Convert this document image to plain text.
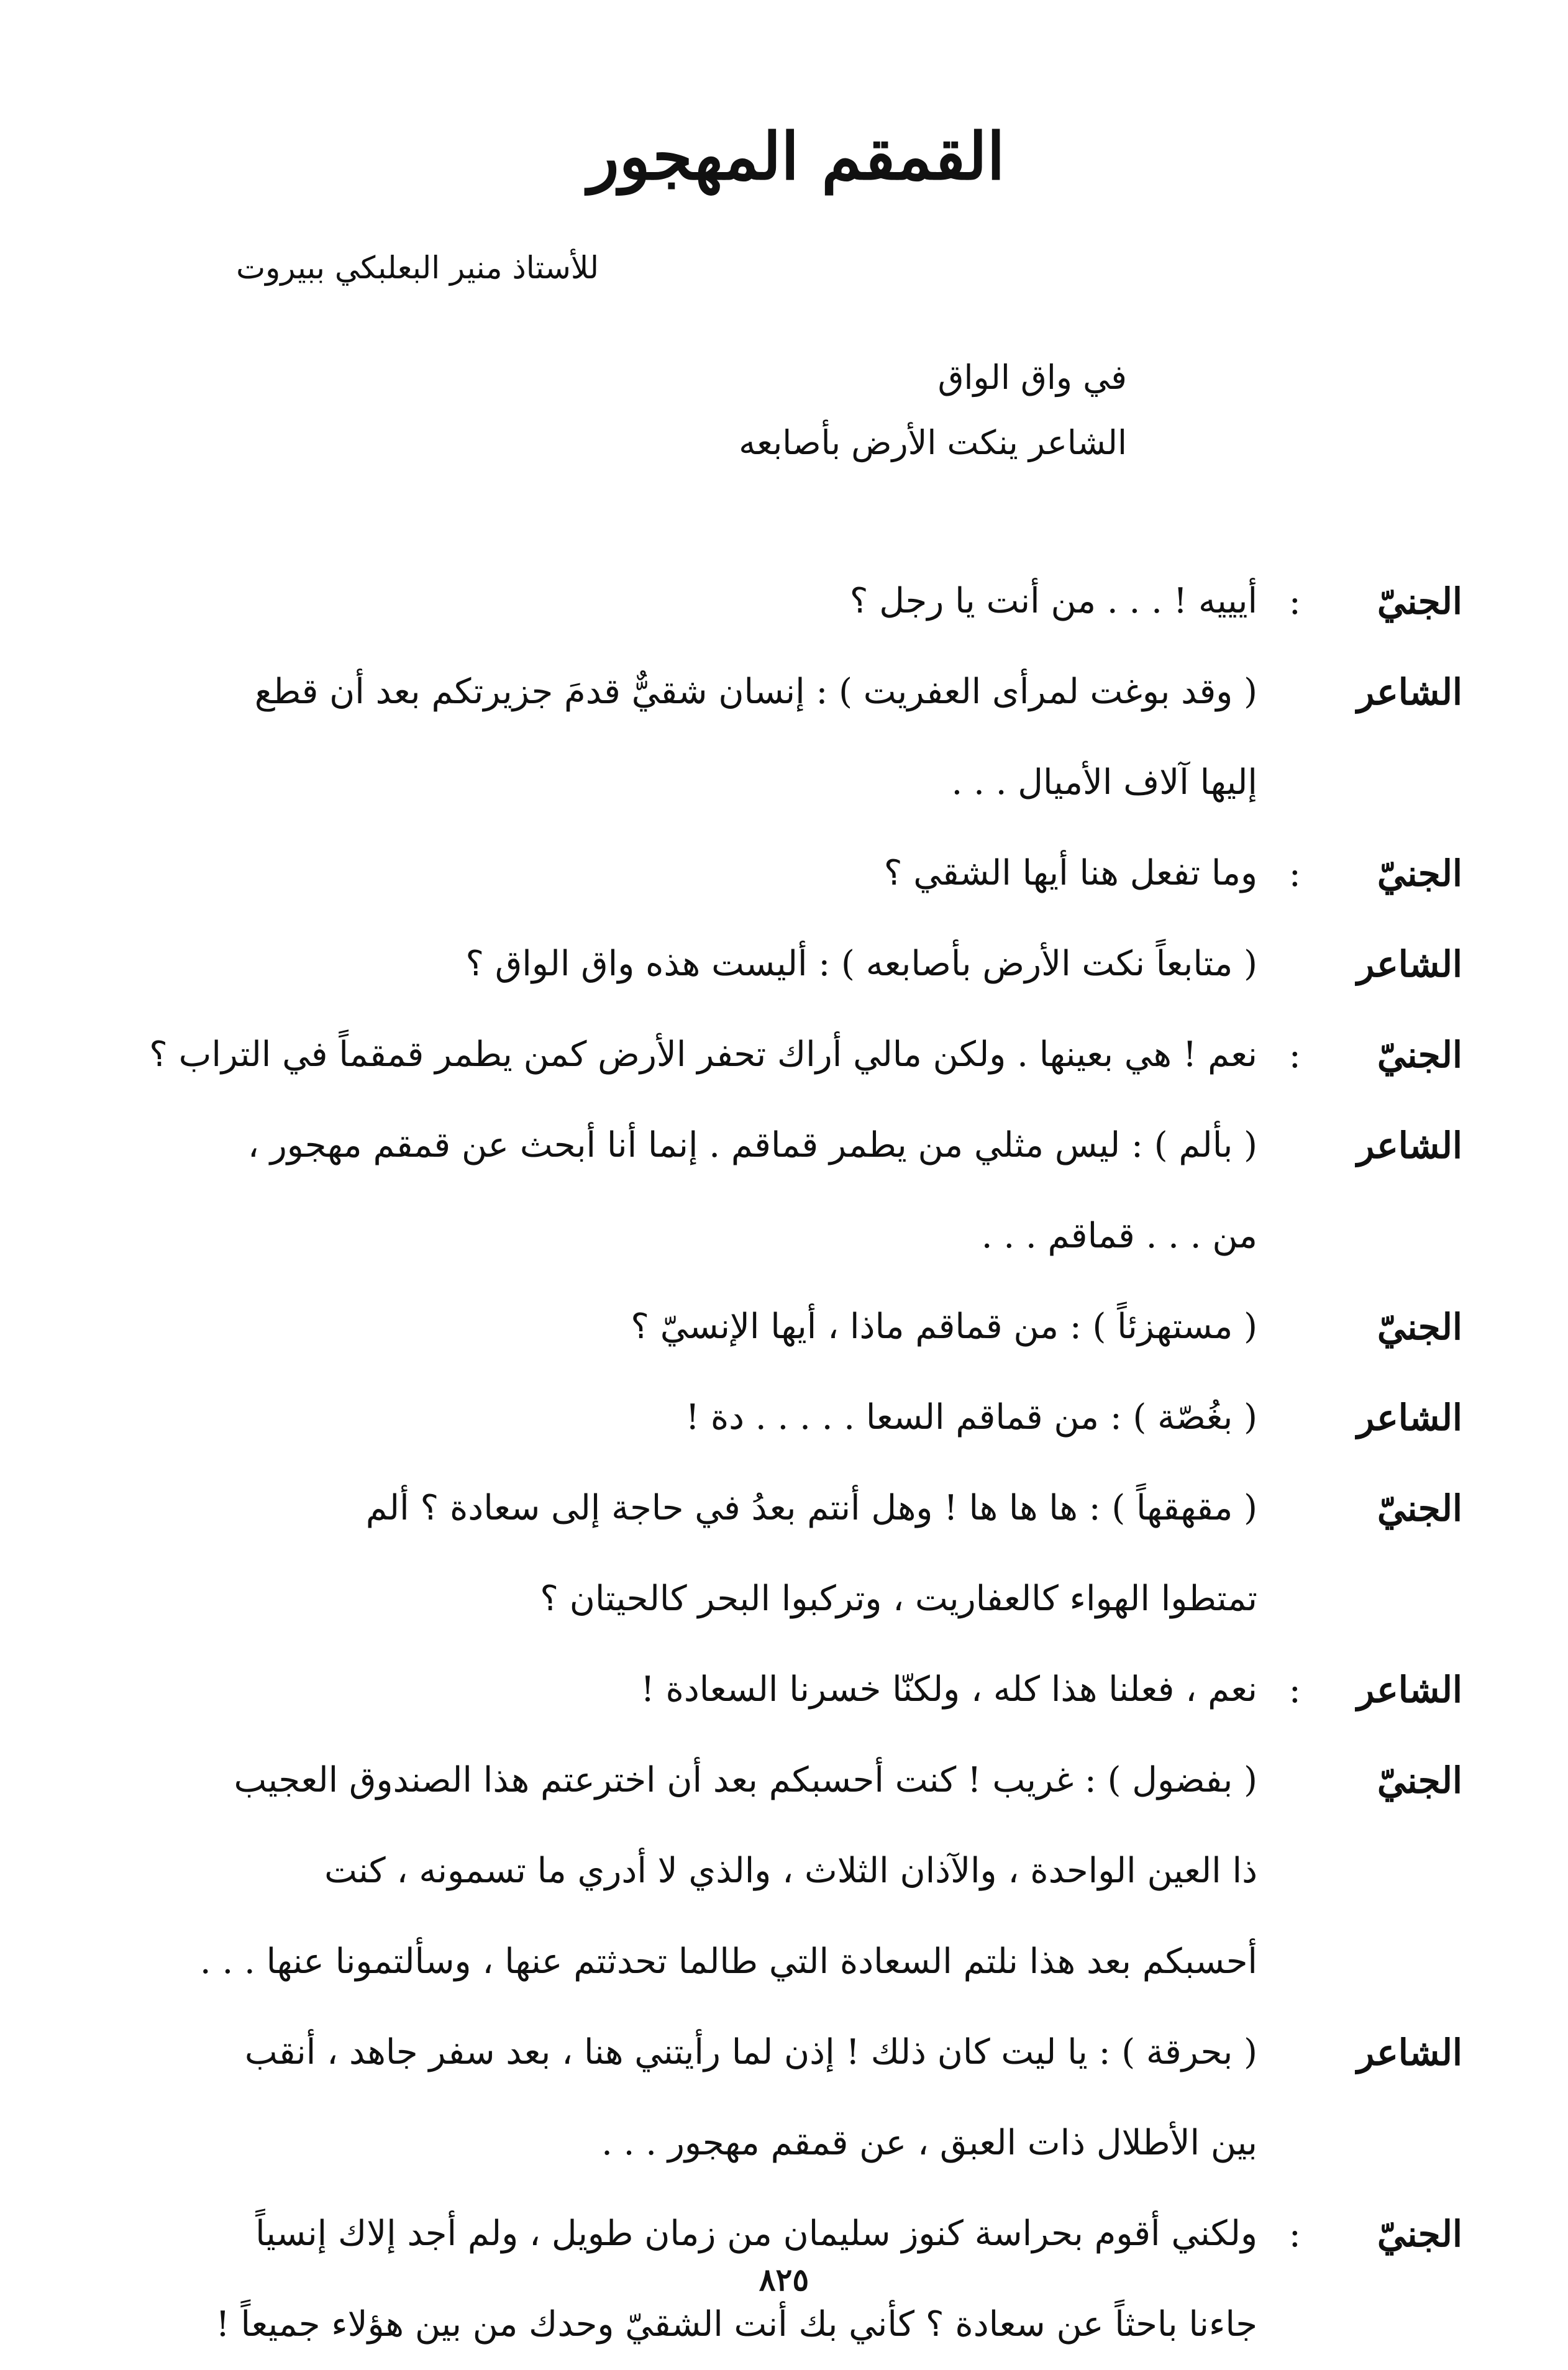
القمقم المهجور
للأستاذ منير البعلبكي ببيروت
في واق الواق
الشاعر ينكت الأرض بأصابعه
الجنيّ
:
أيييه ! . . . من أنت يا رجل ؟
الشاعر
( وقد بوغت لمرأى العفريت ) : إنسان شقيٌّ قدمَ جزيرتكم بعد أن قطع
إليها آلاف الأميال . . .
الجنيّ
:
وما تفعل هنا أيها الشقي ؟
الشاعر
( متابعاً نكت الأرض بأصابعه ) : أليست هذه واق الواق ؟
الجنيّ
:
نعم ! هي بعينها . ولكن مالي أراك تحفر الأرض كمن يطمر قمقماً في التراب ؟
الشاعر
( بألم ) : ليس مثلي من يطمر قماقم . إنما أنا أبحث عن قمقم مهجور ،
من . . . قماقم . . .
الجنيّ
( مستهزئاً ) : من قماقم ماذا ، أيها الإنسيّ ؟
الشاعر
( بغُصّة ) : من قماقم السعا . . . . . دة !
الجنيّ
( مقهقهاً ) : ها ها ها ! وهل أنتم بعدُ في حاجة إلى سعادة ؟ ألم
تمتطوا الهواء كالعفاريت ، وتركبوا البحر كالحيتان ؟
الشاعر
:
نعم ، فعلنا هذا كله ، ولكنّا خسرنا السعادة !
الجنيّ
( بفضول ) : غريب ! كنت أحسبكم بعد أن اخترعتم هذا الصندوق العجيب
ذا العين الواحدة ، والآذان الثلاث ، والذي لا أدري ما تسمونه ، كنت
أحسبكم بعد هذا نلتم السعادة التي طالما تحدثتم عنها ، وسألتمونا عنها . . .
الشاعر
( بحرقة ) : يا ليت كان ذلك ! إذن لما رأيتني هنا ، بعد سفر جاهد ، أنقب
بين الأطلال ذات العبق ، عن قمقم مهجور . . .
الجنيّ
:
ولكني أقوم بحراسة كنوز سليمان من زمان طويل ، ولم أجد إلاك إنسياً
جاءنا باحثاً عن سعادة ؟ كأني بك أنت الشقيّ وحدك من بين هؤلاء جميعاً !
٨٢٥
